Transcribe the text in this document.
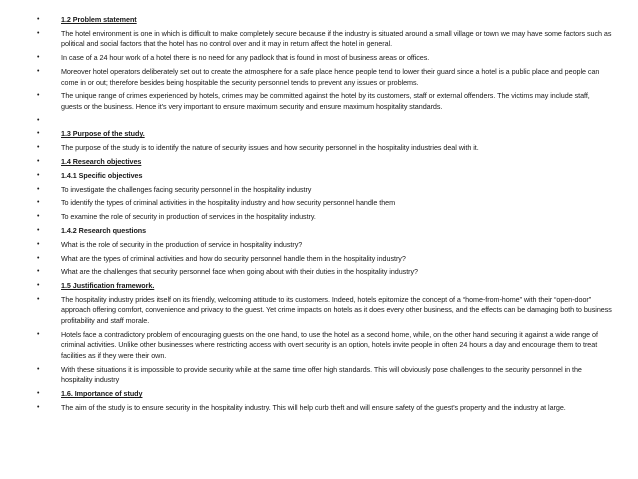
•	1.2 Problem statement
•	The hotel environment is one in which is difficult to make completely secure because if the industry is situated around a small village or town we may have some factors such as political and social factors that the hotel has no control over and it may in return affect the hotel in general.
•	In case of a 24 hour work of a hotel there is no need for any padlock that is found in most of business areas or offices.
•	Moreover hotel operators deliberately set out to create the atmosphere for a safe place hence people tend to lower their guard since a hotel is a public place and people can come in or out; therefore besides being hospitable the security personnel tends to prevent any issues or problems.
•	The unique range of crimes experienced by hotels, crimes may be committed against the hotel by its customers, staff or external offenders. The victims may include staff, guests or the business. Hence it's very important to ensure maximum security and ensure maximum hospitality standards.
•
•	1.3 Purpose of the study.
•	The purpose of the study is to identify the nature of security issues and how security personnel in the hospitality industries deal with it.
•	1.4 Research objectives
•	1.4.1 Specific objectives
•	To investigate the challenges facing security personnel in the hospitality industry
•	To identify the types of criminal activities in the hospitality industry and how security personnel handle them
•	To examine the role of security in production of services in the hospitality industry.
•	1.4.2 Research questions
•	What is the role of security in the production of service in hospitality industry?
•	What are the types of criminal activities and how do security personnel handle them in the hospitality industry?
•	What are the challenges that security personnel face when going about with their duties in the hospitality industry?
•	1.5 Justification framework.
•	The hospitality industry prides itself on its friendly, welcoming attitude to its customers. Indeed, hotels epitomize the concept of a “home-from-home” with their “open-door” approach offering comfort, convenience and privacy to the guest. Yet crime impacts on hotels as it does every other business, and the effects can be damaging both to business profitability and staff morale.
•	Hotels face a contradictory problem of encouraging guests on the one hand, to use the hotel as a second home, while, on the other hand securing it against a wide range of criminal activities. Unlike other businesses where restricting access with overt security is an option, hotels invite people in often 24 hours a day and encourage them to treat facilities as if they were their own.
•	With these situations it is impossible to provide security while at the same time offer high standards. This will obviously pose challenges to the security personnel in the hospitality industry
•	1.6. Importance of study
•	The aim of the study is to ensure security in the hospitality industry. This will help curb theft and will ensure safety of the guest's property and the industry at large.
